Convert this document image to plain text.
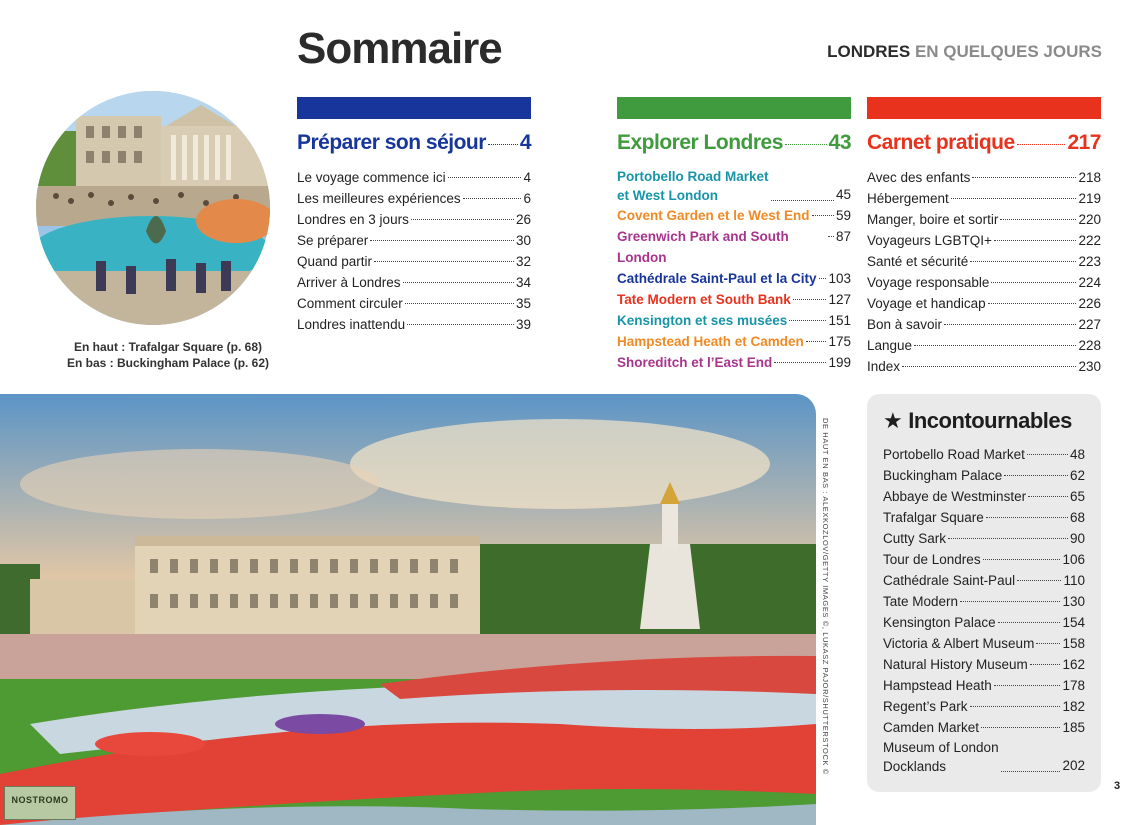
Sommaire	LONDRES EN QUELQUES JOURS
En haut : Trafalgar Square (p. 68)
En bas : Buckingham Palace (p. 62)
Préparer son séjour 4
Le voyage commence ici	4
Les meilleures expériences	6
Londres en 3 jours	26
Se préparer	30
Quand partir	32
Arriver à Londres	34
Comment circuler	35
Londres inattendu	39
Explorer Londres 43
Portobello Road Market
et West London	45
Covent Garden et le West End 59
Greenwich Park and South London
87
Cathédrale Saint-Paul et la City 103
Tate Modern et South Bank	127
Kensington et ses musées	151
Hampstead Heath et Camden 175
Shoreditch et l’East End	199
Carnet pratique	217
Avec des enfants	218
Hébergement	219
Manger, boire et sortir	220
Voyageurs LGBTQI+	222
Santé et sécurité	223
Voyage responsable	224
Voyage et handicap	226
Bon à savoir	227
Langue	228
Index	230
DE HAUT EN BAS : ALEXKOZLOV/GETTY IMAGES ©, LUKASZ PAJOR/SHUTTERSTOCK © ★ Incontournables
Portobello Road Market	48
Buckingham Palace	62
Abbaye de Westminster	65
Trafalgar Square	68
Cutty Sark	90
Tour de Londres	106
Cathédrale Saint-Paul	110
Tate Modern	130
Kensington Palace	154
Victoria & Albert Museum 158
Natural History Museum	162
Hampstead Heath	178
Regent’s Park	182
Camden Market	185
Museum of London
Docklands	202
3
NOSTROMO
